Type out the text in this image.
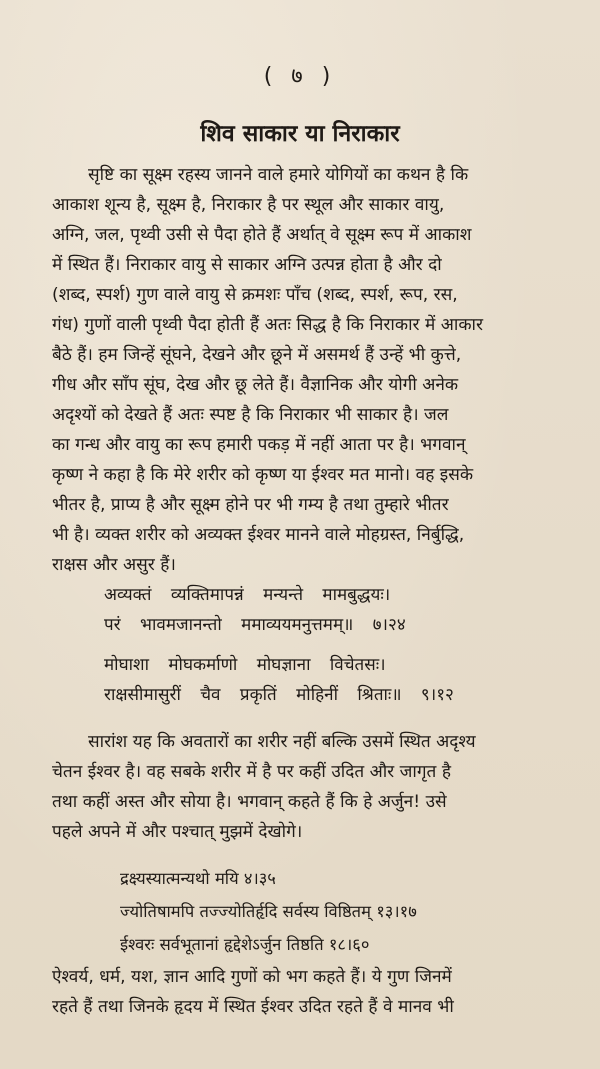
( ७ )
शिव साकार या निराकार
सृष्टि का सूक्ष्म रहस्य जानने वाले हमारे योगियों का कथन है कि
आकाश शून्य है, सूक्ष्म है, निराकार है पर स्थूल और साकार वायु,
अग्नि, जल, पृथ्वी उसी से पैदा होते हैं अर्थात् वे सूक्ष्म रूप में आकाश
में स्थित हैं। निराकार वायु से साकार अग्नि उत्पन्न होता है और दो
(शब्द, स्पर्श) गुण वाले वायु से क्रमशः पाँच (शब्द, स्पर्श, रूप, रस,
गंध) गुणों वाली पृथ्वी पैदा होती हैं अतः सिद्ध है कि निराकार में आकार
बैठे हैं। हम जिन्हें सूंघने, देखने और छूने में असमर्थ हैं उन्हें भी कुत्ते,
गीध और साँप सूंघ, देख और छू लेते हैं। वैज्ञानिक और योगी अनेक
अदृश्यों को देखते हैं अतः स्पष्ट है कि निराकार भी साकार है। जल
का गन्ध और वायु का रूप हमारी पकड़ में नहीं आता पर है। भगवान्
कृष्ण ने कहा है कि मेरे शरीर को कृष्ण या ईश्वर मत मानो। वह इसके
भीतर है, प्राप्य है और सूक्ष्म होने पर भी गम्य है तथा तुम्हारे भीतर
भी है। व्यक्त शरीर को अव्यक्त ईश्वर मानने वाले मोहग्रस्त, निर्बुद्धि,
राक्षस और असुर हैं।
अव्यक्तं व्यक्तिमापन्नं मन्यन्ते मामबुद्धयः।
परं भावमजानन्तो ममाव्ययमनुत्तमम्॥ ७।२४
मोघाशा मोघकर्माणो मोघज्ञाना विचेतसः।
राक्षसीमासुरीं चैव प्रकृतिं मोहिनीं श्रिताः॥ ९।१२
सारांश यह कि अवतारों का शरीर नहीं बल्कि उसमें स्थित अदृश्य
चेतन ईश्वर है। वह सबके शरीर में है पर कहीं उदित और जागृत है
तथा कहीं अस्त और सोया है। भगवान् कहते हैं कि हे अर्जुन! उसे
पहले अपने में और पश्चात् मुझमें देखोगे।
द्रक्ष्यस्यात्मन्यथो मयि ४।३५
ज्योतिषामपि तज्ज्योतिर्हृदि सर्वस्य विष्ठितम् १३।१७
ईश्वरः सर्वभूतानां हृद्देशेऽर्जुन तिष्ठति १८।६०
ऐश्वर्य, धर्म, यश, ज्ञान आदि गुणों को भग कहते हैं। ये गुण जिनमें
रहते हैं तथा जिनके हृदय में स्थित ईश्वर उदित रहते हैं वे मानव भी
